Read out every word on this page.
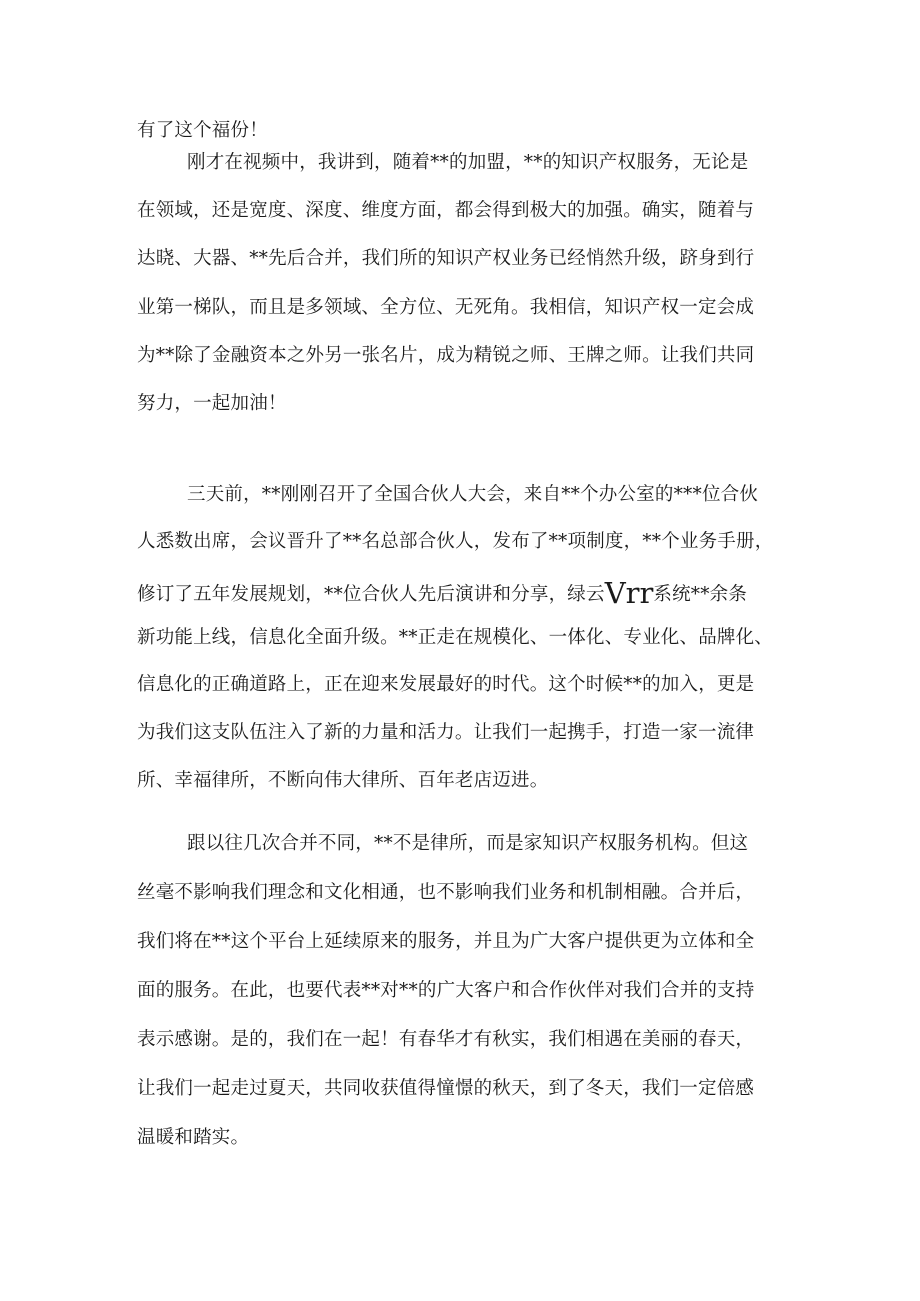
有了这个福份！
刚才在视频中，我讲到，随着**的加盟，**的知识产权服务，无论是
在领域，还是宽度、深度、维度方面，都会得到极大的加强。确实，随着与
达晓、大器、**先后合并，我们所的知识产权业务已经悄然升级，跻身到行
业第一梯队，而且是多领域、全方位、无死角。我相信，知识产权一定会成
为**除了金融资本之外另一张名片，成为精锐之师、王牌之师。让我们共同
努力，一起加油！
三天前，**刚刚召开了全国合伙人大会，来自**个办公室的***位合伙
人悉数出席，会议晋升了**名总部合伙人，发布了**项制度，**个业务手册，
修订了五年发展规划，**位合伙人先后演讲和分享，绿云Vrr系统**余条
新功能上线，信息化全面升级。**正走在规模化、一体化、专业化、品牌化、
信息化的正确道路上，正在迎来发展最好的时代。这个时候**的加入，更是
为我们这支队伍注入了新的力量和活力。让我们一起携手，打造一家一流律
所、幸福律所，不断向伟大律所、百年老店迈进。
跟以往几次合并不同，**不是律所，而是家知识产权服务机构。但这
丝毫不影响我们理念和文化相通，也不影响我们业务和机制相融。合并后，
我们将在**这个平台上延续原来的服务，并且为广大客户提供更为立体和全
面的服务。在此，也要代表**对**的广大客户和合作伙伴对我们合并的支持
表示感谢。是的，我们在一起！有春华才有秋实，我们相遇在美丽的春天，
让我们一起走过夏天，共同收获值得憧憬的秋天，到了冬天，我们一定倍感
温暖和踏实。
